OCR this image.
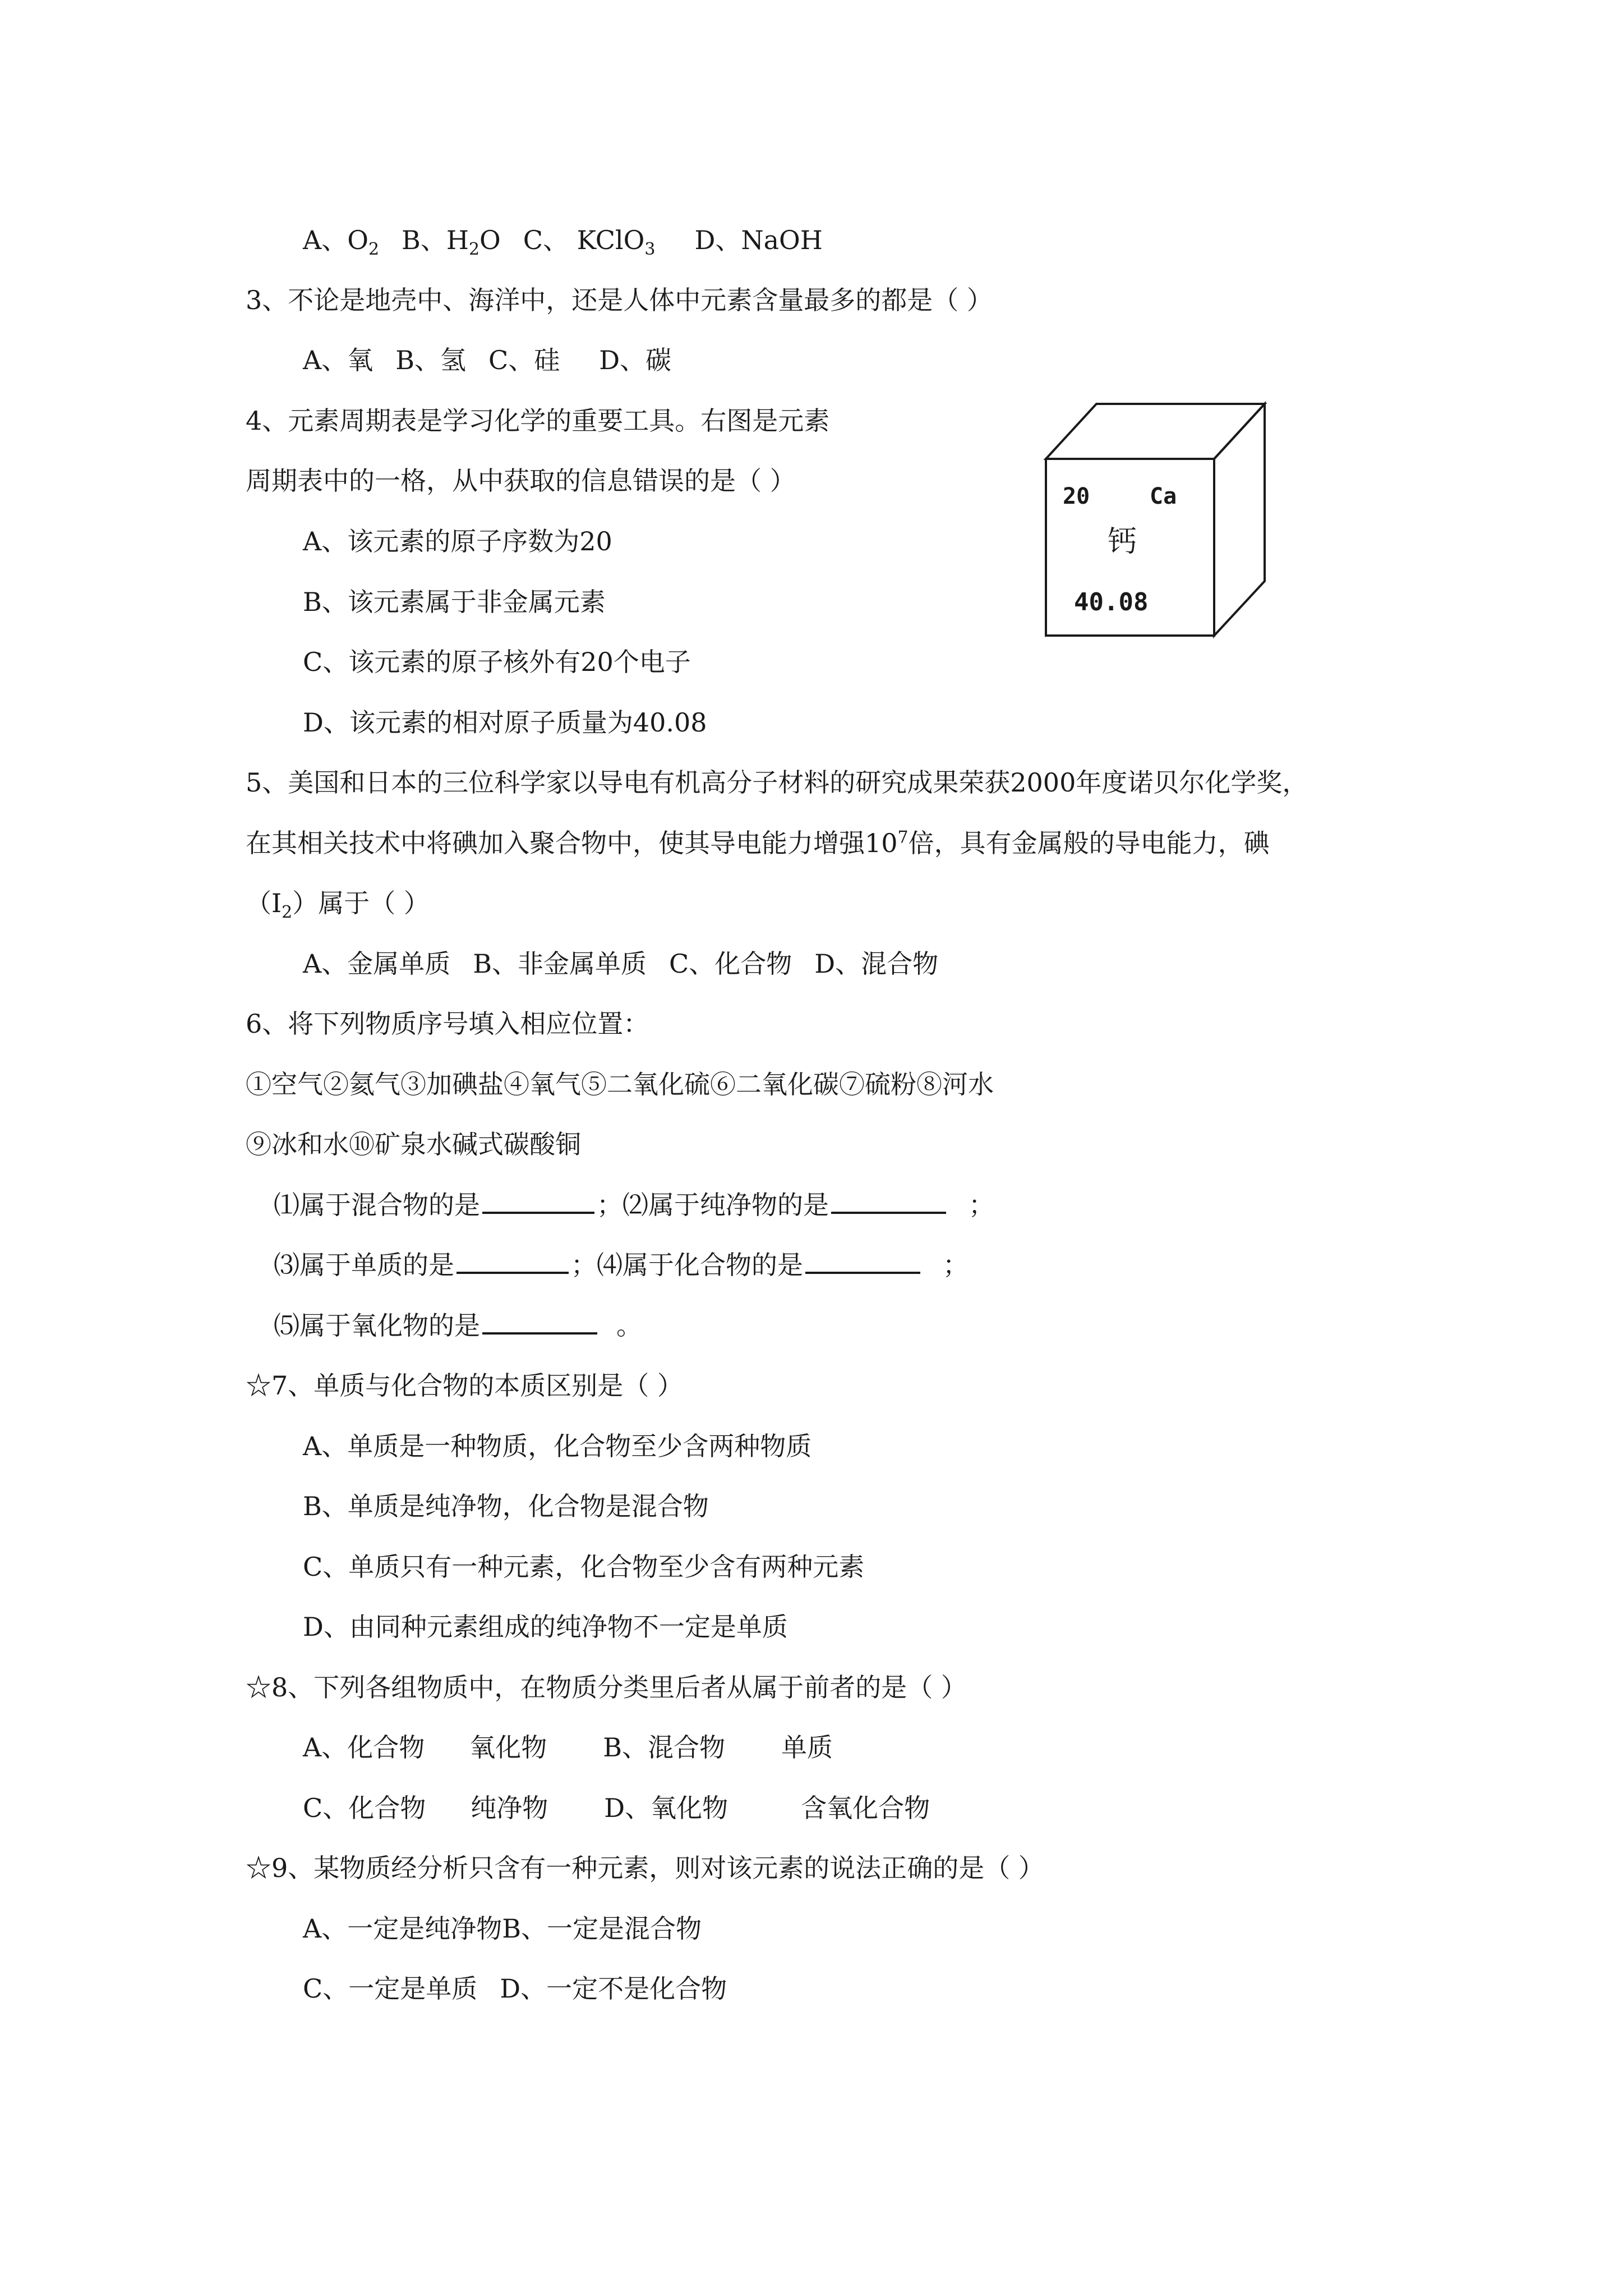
A、$O_2$ B、$H_2O$ C、 KClO$_3$ D、NaOH
3、不论是地壳中、海洋中，还是人体中元素含量最多的都是（ ）
A、氧 B、氢 C、硅 D、碳
4、元素周期表是学习化学的重要工具。右图是元素
周期表中的一格，从中获取的信息错误的是（ ）
A、该元素的原子序数为20
B、该元素属于非金属元素
C、该元素的原子核外有20个电子
D、该元素的相对原子质量为40.08
20	Ca
钙
40.08
5、美国和日本的三位科学家以导电有机高分子材料的研究成果荣获2000年度诺贝尔化学奖，
在其相关技术中将碘加入聚合物中，使其导电能力增强$10^7$倍，具有金属般的导电能力，碘
$(I_2)$属于（ ）
A、金属单质 B、非金属单质 C、化合物 D、混合物
6、将下列物质序号填入相应位置：
①空气②氦气③加碘盐④氧气⑤二氧化硫⑥二氧化碳⑦硫粉⑧河水
⑨冰和水⑩矿泉水碱式碳酸铜
⑴属于混合物的是	；⑵属于纯净物的是	；
⑶属于单质的是	；⑷属于化合物的是	；
⑸属于氧化物的是	。
☆7、单质与化合物的本质区别是（ ）
A、单质是一种物质，化合物至少含两种物质
B、单质是纯净物，化合物是混合物
C、单质只有一种元素，化合物至少含有两种元素
D、由同种元素组成的纯净物不一定是单质
☆8、下列各组物质中，在物质分类里后者从属于前者的是（ ）
A、化合物 氧化物 B、混合物 单质
C、化合物 纯净物 D、氧化物	含氧化合物
☆9、某物质经分析只含有一种元素，则对该元素的说法正确的是（ ）
A、一定是纯净物B、一定是混合物
C、一定是单质 D、一定不是化合物
